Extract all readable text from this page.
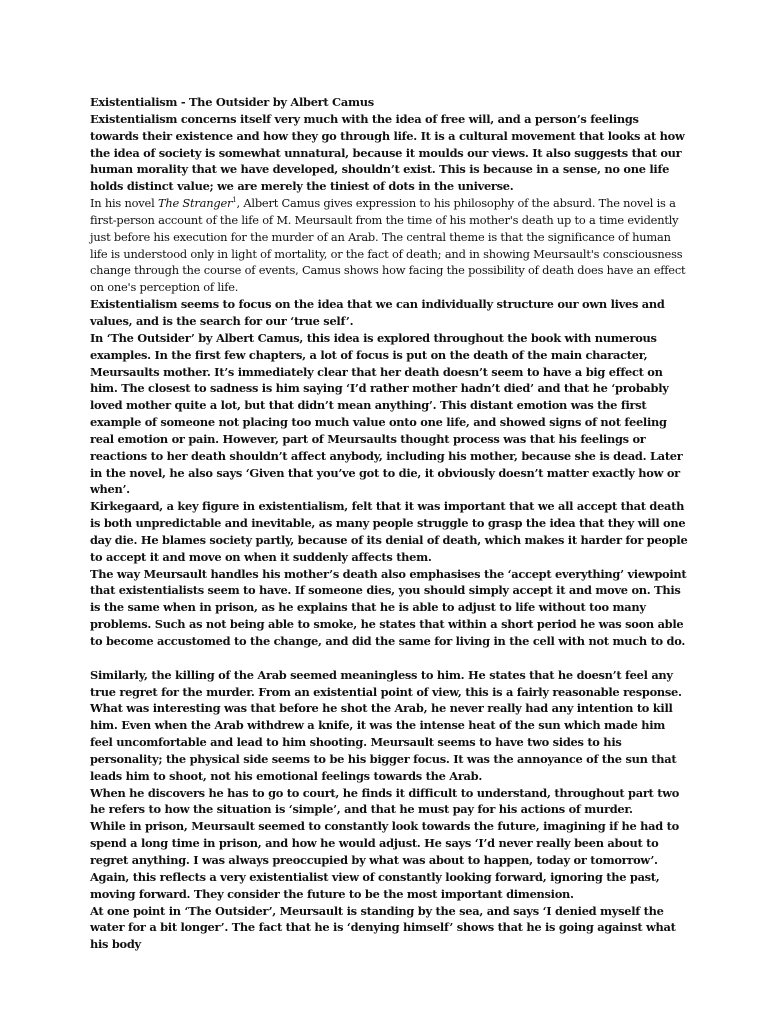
Existentialism - The Outsider by Albert Camus

Existentialism concerns itself very much with the idea of free will, and a person’s feelings towards their existence and how they go through life. It is a cultural movement that looks at how the idea of society is somewhat unnatural, because it moulds our views. It also suggests that our human morality that we have developed, shouldn’t exist. This is because in a sense, no one life holds distinct value; we are merely the tiniest of dots in the universe.

In his novel The Stranger$^1$, Albert Camus gives expression to his philosophy of the absurd. The novel is a first-person account of the life of M. Meursault from the time of his mother's death up to a time evidently just before his execution for the murder of an Arab. The central theme is that the significance of human life is understood only in light of mortality, or the fact of death; and in showing Meursault's consciousness change through the course of events, Camus shows how facing the possibility of death does have an effect on one's perception of life.

Existentialism seems to focus on the idea that we can individually structure our own lives and values, and is the search for our ‘true self’.

In ‘The Outsider’ by Albert Camus, this idea is explored throughout the book with numerous examples. In the first few chapters, a lot of focus is put on the death of the main character, Meursaults mother. It’s immediately clear that her death doesn’t seem to have a big effect on him. The closest to sadness is him saying ‘I’d rather mother hadn’t died’ and that he ‘probably loved mother quite a lot, but that didn’t mean anything’. This distant emotion was the first example of someone not placing too much value onto one life, and showed signs of not feeling real emotion or pain. However, part of Meursaults thought process was that his feelings or reactions to her death shouldn’t affect anybody, including his mother, because she is dead. Later in the novel, he also says ‘Given that you’ve got to die, it obviously doesn’t matter exactly how or when’.

Kirkegaard, a key figure in existentialism, felt that it was important that we all accept that death is both unpredictable and inevitable, as many people struggle to grasp the idea that they will one day die. He blames society partly, because of its denial of death, which makes it harder for people to accept it and move on when it suddenly affects them.

The way Meursault handles his mother’s death also emphasises the ‘accept everything’ viewpoint that existentialists seem to have. If someone dies, you should simply accept it and move on. This is the same when in prison, as he explains that he is able to adjust to life without too many problems. Such as not being able to smoke, he states that within a short period he was soon able to become accustomed to the change, and did the same for living in the cell with not much to do.

Similarly, the killing of the Arab seemed meaningless to him. He states that he doesn’t feel any true regret for the murder. From an existential point of view, this is a fairly reasonable response. What was interesting was that before he shot the Arab, he never really had any intention to kill him. Even when the Arab withdrew a knife, it was the intense heat of the sun which made him feel uncomfortable and lead to him shooting. Meursault seems to have two sides to his personality; the physical side seems to be his bigger focus. It was the annoyance of the sun that leads him to shoot, not his emotional feelings towards the Arab.

When he discovers he has to go to court, he finds it difficult to understand, throughout part two he refers to how the situation is ‘simple’, and that he must pay for his actions of murder.

While in prison, Meursault seemed to constantly look towards the future, imagining if he had to spend a long time in prison, and how he would adjust. He says ‘I’d never really been about to regret anything. I was always preoccupied by what was about to happen, today or tomorrow’. Again, this reflects a very existentialist view of constantly looking forward, ignoring the past, moving forward. They consider the future to be the most important dimension.

At one point in ‘The Outsider’, Meursault is standing by the sea, and says ‘I denied myself the water for a bit longer’. The fact that he is ‘denying himself’ shows that he is going against what his body
